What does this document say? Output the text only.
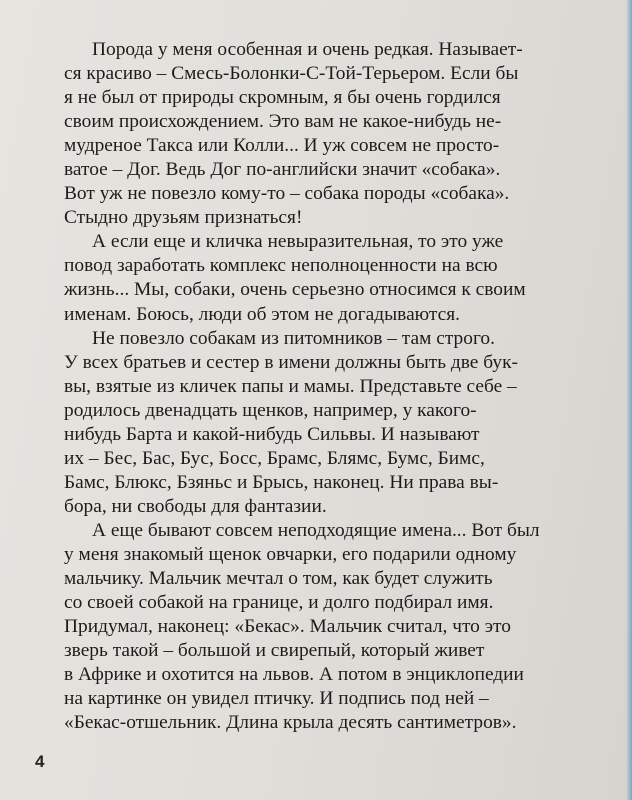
Порода у меня особенная и очень редкая. Называет-
ся красиво – Смесь-Болонки-С-Той-Терьером. Если бы
я не был от природы скромным, я бы очень гордился
своим происхождением. Это вам не какое-нибудь не-
мудреное Такса или Колли... И уж совсем не просто-
ватое – Дог. Ведь Дог по-английски значит «собака».
Вот уж не повезло кому-то – собака породы «собака».
Стыдно друзьям признаться!

А если еще и кличка невыразительная, то это уже
повод заработать комплекс неполноценности на всю
жизнь... Мы, собаки, очень серьезно относимся к своим
именам. Боюсь, люди об этом не догадываются.

Не повезло собакам из питомников – там строго.
У всех братьев и сестер в имени должны быть две бук-
вы, взятые из кличек папы и мамы. Представьте себе –
родилось двенадцать щенков, например, у какого-
нибудь Барта и какой-нибудь Сильвы. И называют
их – Бес, Бас, Бус, Босс, Брамс, Блямс, Бумс, Бимс,
Бамс, Блюкс, Бзяньс и Брысь, наконец. Ни права вы-
бора, ни свободы для фантазии.

А еще бывают совсем неподходящие имена... Вот был
у меня знакомый щенок овчарки, его подарили одному
мальчику. Мальчик мечтал о том, как будет служить
со своей собакой на границе, и долго подбирал имя.
Придумал, наконец: «Бекас». Мальчик считал, что это
зверь такой – большой и свирепый, который живет
в Африке и охотится на львов. А потом в энциклопедии
на картинке он увидел птичку. И подпись под ней –
«Бекас-отшельник. Длина крыла десять сантиметров».

4
